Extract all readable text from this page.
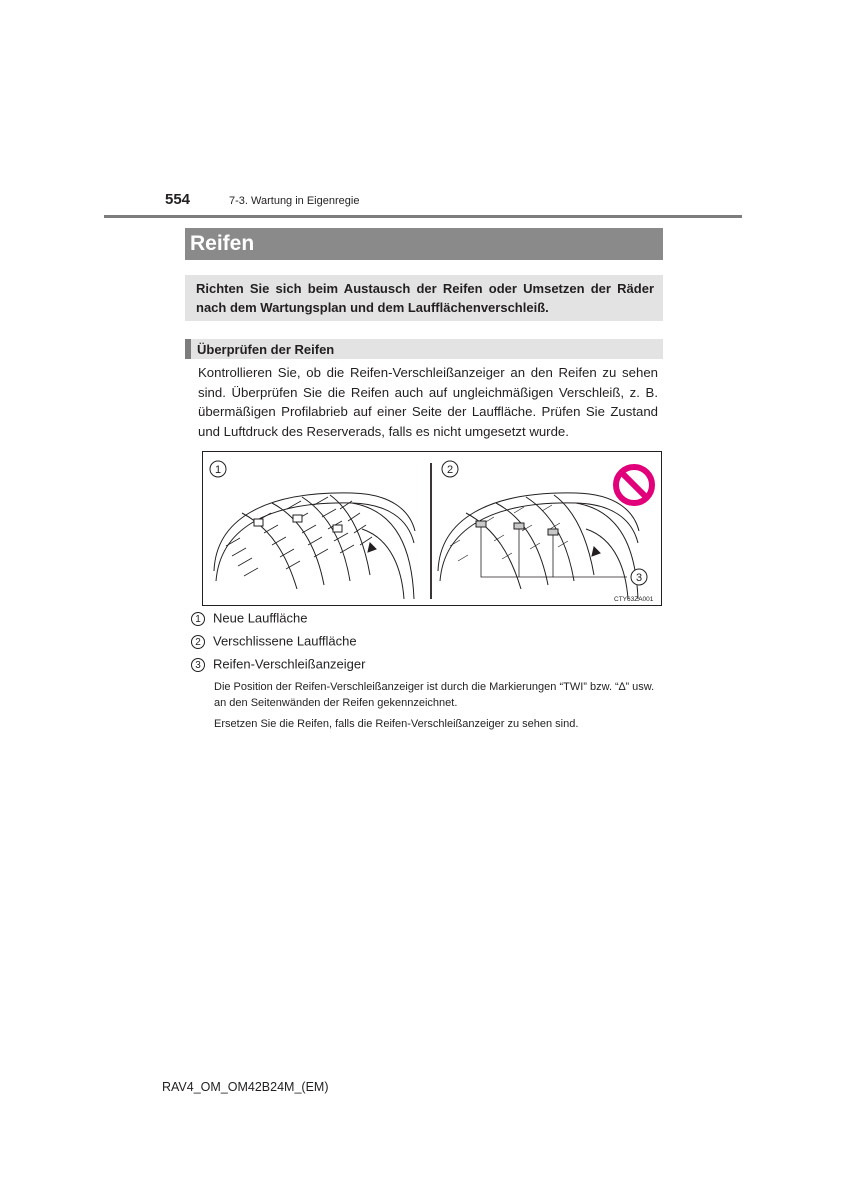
554	7-3. Wartung in Eigenregie
Reifen
Richten Sie sich beim Austausch der Reifen oder Umsetzen der Räder nach dem Wartungsplan und dem Laufflächenverschleiß.
Überprüfen der Reifen
Kontrollieren Sie, ob die Reifen-Verschleißanzeiger an den Reifen zu sehen sind. Überprüfen Sie die Reifen auch auf ungleichmäßigen Verschleiß, z. B. übermäßigen Profilabrieb auf einer Seite der Lauffläche. Prüfen Sie Zustand und Luftdruck des Reserverads, falls es nicht umgesetzt wurde.
1	2
3
CTY63ZA001
1 Neue Lauffläche
2 Verschlissene Lauffläche
3 Reifen-Verschleißanzeiger
Die Position der Reifen-Verschleißanzeiger ist durch die Markierungen “TWI” bzw. “∆” usw. an den Seitenwänden der Reifen gekennzeichnet.
Ersetzen Sie die Reifen, falls die Reifen-Verschleißanzeiger zu sehen sind.
RAV4_OM_OM42B24M_(EM)
